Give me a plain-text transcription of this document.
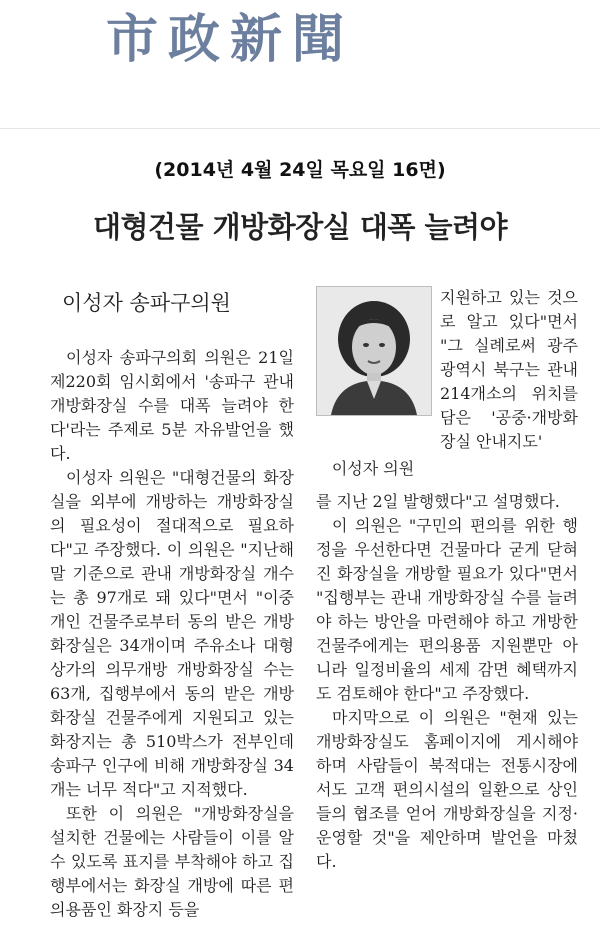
市政新聞
(2014년 4월 24일 목요일 16면)
대형건물 개방화장실 대폭 늘려야
이성자 송파구의원

이성자 송파구의회 의원은 21일 제220회 임시회에서 '송파구 관내 개방화장실 수를 대폭 늘려야 한다'라는 주제로 5분 자유발언을 했다.

이성자 의원은 "대형건물의 화장실을 외부에 개방하는 개방화장실의 필요성이 절대적으로 필요하다"고 주장했다. 이 의원은 "지난해 말 기준으로 관내 개방화장실 개수는 총 97개로 돼 있다"면서 "이중 개인 건물주로부터 동의 받은 개방화장실은 34개이며 주유소나 대형상가의 의무개방 개방화장실 수는 63개, 집행부에서 동의 받은 개방화장실 건물주에게 지원되고 있는 화장지는 총 510박스가 전부인데 송파구 인구에 비해 개방화장실 34개는 너무 적다"고 지적했다.

또한 이 의원은 "개방화장실을 설치한 건물에는 사람들이 이를 알 수 있도록 표지를 부착해야 하고 집행부에서는 화장실 개방에 따른 편의용품인 화장지 등을

이성자 의원

지원하고 있는 것으로 알고 있다"면서 "그 실례로써 광주광역시 북구는 관내 214개소의 위치를 담은 '공중·개방화장실 안내지도'

를 지난 2일 발행했다"고 설명했다.

이 의원은 "구민의 편의를 위한 행정을 우선한다면 건물마다 굳게 닫혀진 화장실을 개방할 필요가 있다"면서 "집행부는 관내 개방화장실 수를 늘려야 하는 방안을 마련해야 하고 개방한 건물주에게는 편의용품 지원뿐만 아니라 일정비율의 세제 감면 혜택까지도 검토해야 한다"고 주장했다.

마지막으로 이 의원은 "현재 있는 개방화장실도 홈페이지에 게시해야 하며 사람들이 북적대는 전통시장에서도 고객 편의시설의 일환으로 상인들의 협조를 얻어 개방화장실을 지정·운영할 것"을 제안하며 발언을 마쳤다.
